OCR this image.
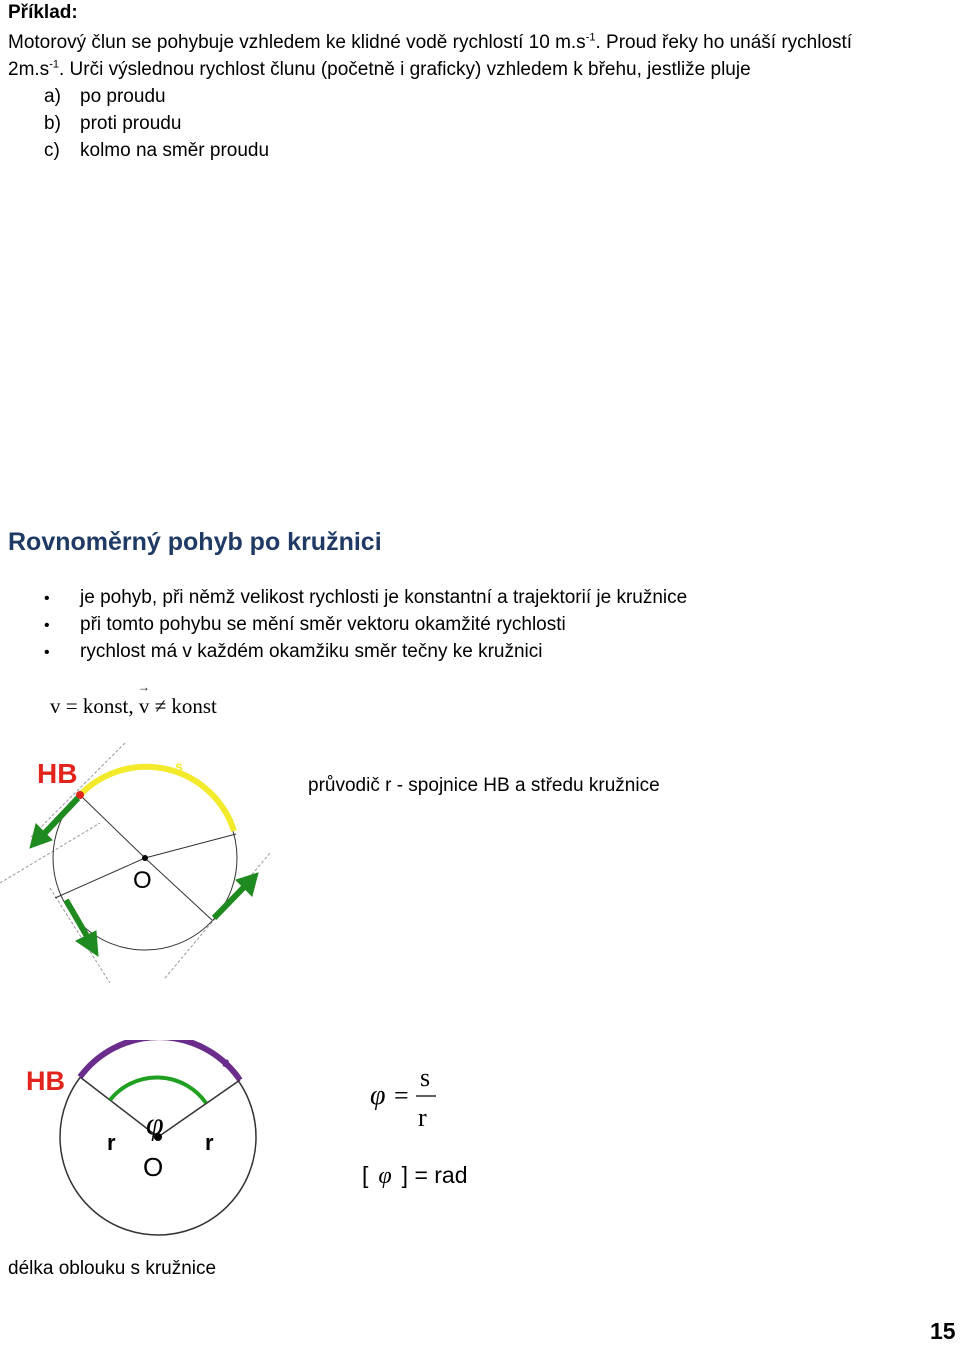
Příklad:
Motorový člun se pohybuje vzhledem ke klidné vodě rychlostí 10 $m.s^{-1}$. Proud řeky ho unáší rychlostí
$2m.s^{-1}$. Urči výslednou rychlost člunu (početně i graficky) vzhledem k břehu, jestliže pluje
a) po proudu
b) proti proudu
c) kolmo na směr proudu
Rovnoměrný pohyb po kružnici
• je pohyb, při němž velikost rychlosti je konstantní a trajektorií je kružnice
• při tomto pohybu se mění směr vektoru okamžité rychlosti
• rychlost má v každém okamžiku směr tečny ke kružnici
v = konst,
→
v ≠ konst
HB	s
O
průvodič r - spojnice HB a středu kružnice
HB
s
r	r
O
φ
φ =
s
r
[ φ ] = rad
délka oblouku s kružnice
15
